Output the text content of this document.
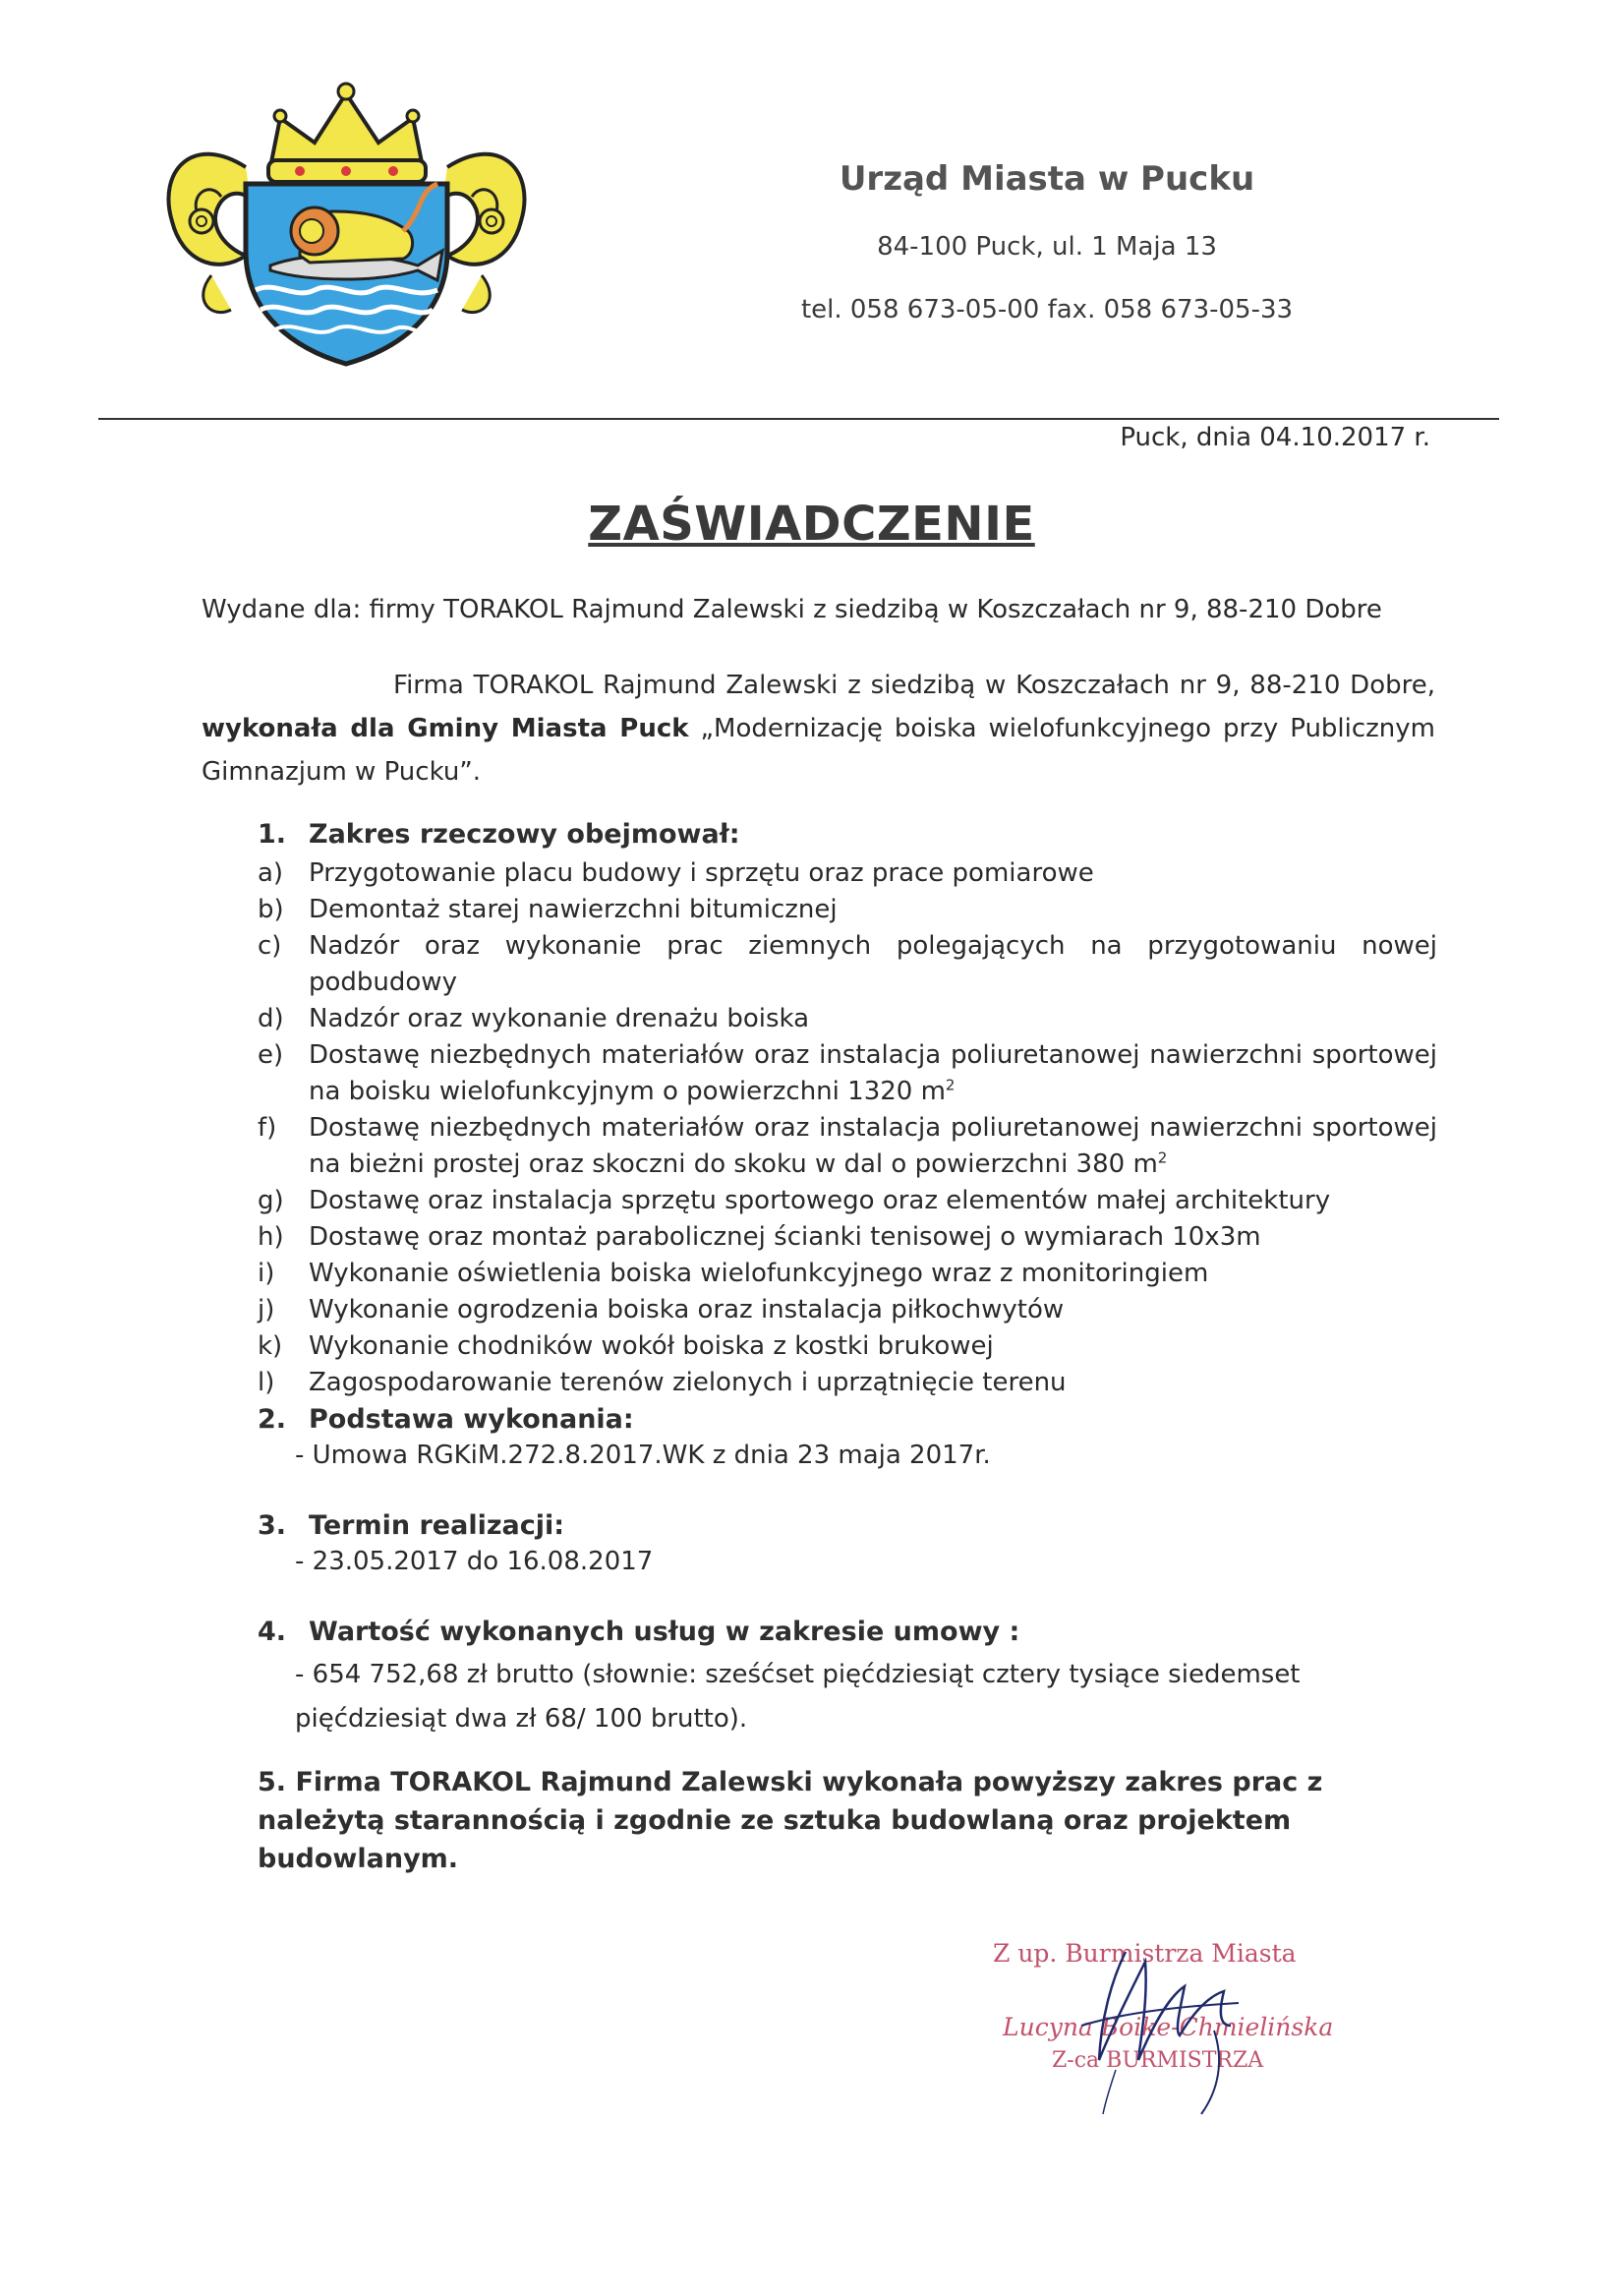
Urząd Miasta w Pucku
84-100 Puck, ul. 1 Maja 13
tel. 058 673-05-00 fax. 058 673-05-33
Puck, dnia 04.10.2017 r.
ZAŚWIADCZENIE
Wydane dla: firmy TORAKOL Rajmund Zalewski z siedzibą w Koszczałach nr 9, 88-210 Dobre
Firma TORAKOL Rajmund Zalewski z siedzibą w Koszczałach nr 9, 88-210 Dobre, wykonała dla Gminy Miasta Puck „Modernizację boiska wielofunkcyjnego przy Publicznym Gimnazjum w Pucku”.
1. Zakres rzeczowy obejmował:
a) Przygotowanie placu budowy i sprzętu oraz prace pomiarowe
b) Demontaż starej nawierzchni bitumicznej
c) Nadzór oraz wykonanie prac ziemnych polegających na przygotowaniu nowej podbudowy
d) Nadzór oraz wykonanie drenażu boiska
e) Dostawę niezbędnych materiałów oraz instalacja poliuretanowej nawierzchni sportowej na boisku wielofunkcyjnym o powierzchni 1320 $m^2$
f) Dostawę niezbędnych materiałów oraz instalacja poliuretanowej nawierzchni sportowej na bieżni prostej oraz skoczni do skoku w dal o powierzchni 380 $m^2$
g) Dostawę oraz instalacja sprzętu sportowego oraz elementów małej architektury
h) Dostawę oraz montaż parabolicznej ścianki tenisowej o wymiarach 10x3m
i) Wykonanie oświetlenia boiska wielofunkcyjnego wraz z monitoringiem
j) Wykonanie ogrodzenia boiska oraz instalacja piłkochwytów
k) Wykonanie chodników wokół boiska z kostki brukowej
l) Zagospodarowanie terenów zielonych i uprzątnięcie terenu
2. Podstawa wykonania:
- Umowa RGKiM.272.8.2017.WK z dnia 23 maja 2017r.
3. Termin realizacji:
- 23.05.2017 do 16.08.2017
4. Wartość wykonanych usług w zakresie umowy :
- 654 752,68 zł brutto (słownie: sześćset pięćdziesiąt cztery tysiące siedemset pięćdziesiąt dwa zł 68/ 100 brutto).
5. Firma TORAKOL Rajmund Zalewski wykonała powyższy zakres prac z należytą starannością i zgodnie ze sztuka budowlaną oraz projektem budowlanym.
Z up. Burmistrza Miasta
Lucyna Boike-Chmielińska
Z-ca BURMISTRZA
